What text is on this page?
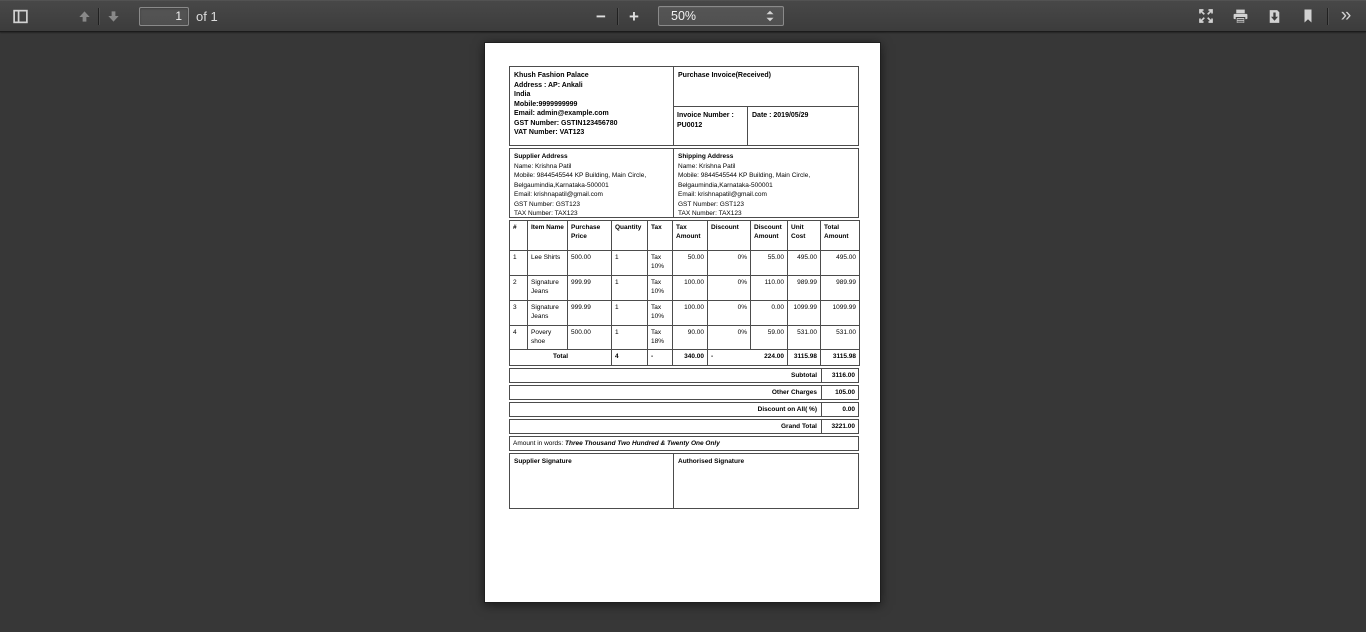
1
of 1	−	+	50%	»
Khush Fashion Palace
Address : AP: Ankali
India
Mobile:9999999999
Email: admin@example.com
GST Number: GSTIN123456780
VAT Number: VAT123
Purchase Invoice(Received)
Invoice Number :
PU0012
Date : 2019/05/29
Supplier Address
Name: Krishna Patil
Mobile: 9844545544 KP Building, Main Circle, Belgaumindia,Karnataka-500001
Email: krishnapatil@gmail.com
GST Number: GST123
TAX Number: TAX123
Shipping Address
Name: Krishna Patil
Mobile: 9844545544 KP Building, Main Circle, Belgaumindia,Karnataka-500001
Email: krishnapatil@gmail.com
GST Number: GST123
TAX Number: TAX123
#	Item Name	Purchase Price	Quantity	Tax	Tax Amount	Discount	Discount Amount	Unit Cost	Total Amount
1	Lee Shirts	500.00	1	Tax 10%	50.00	0%	55.00	495.00	495.00
2	Signature Jeans	999.99	1	Tax 10%	100.00	0%	110.00	989.99	989.99
3	Signature Jeans	999.99	1	Tax 10%	100.00	0%	0.00	1099.99	1099.99
4	Povery shoe	500.00	1	Tax 18%	90.00	0%	59.00	531.00	531.00
Total			4	-	340.00	- 224.00		3115.98	3115.98
Subtotal	3116.00
Other Charges	105.00
Discount on All( %)	0.00
Grand Total	3221.00
Amount in words: Three Thousand Two Hundred & Twenty One Only
Supplier Signature	Authorised Signature
